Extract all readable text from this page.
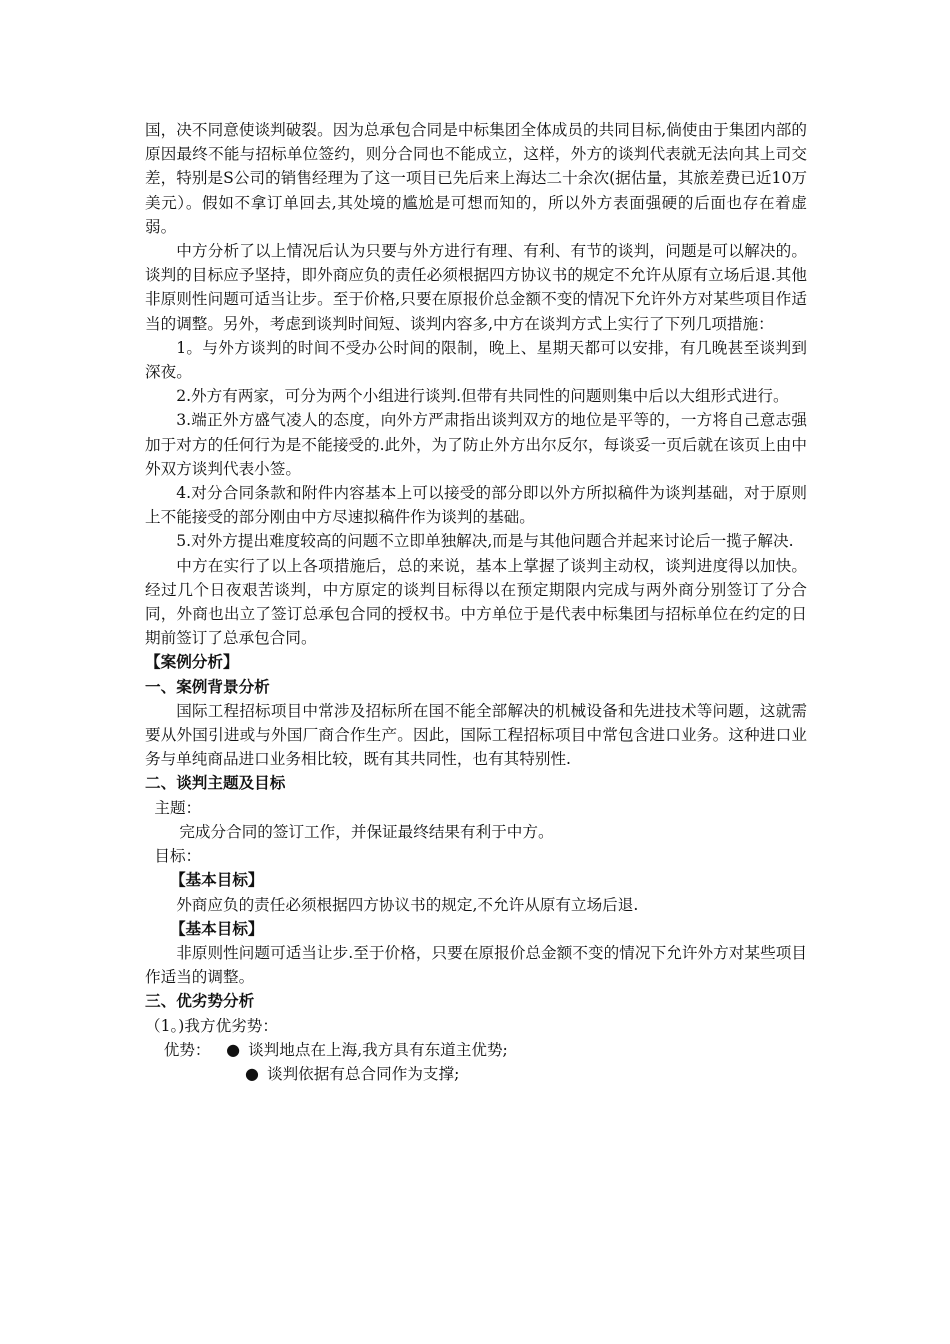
国，决不同意使谈判破裂。因为总承包合同是中标集团全体成员的共同目标,倘使由于集团内部的原因最终不能与招标单位签约，则分合同也不能成立，这样，外方的谈判代表就无法向其上司交差，特别是S公司的销售经理为了这一项目已先后来上海达二十余次(据估量，其旅差费已近10万美元）。假如不拿订单回去,其处境的尴尬是可想而知的，所以外方表面强硬的后面也存在着虚弱。

中方分析了以上情况后认为只要与外方进行有理、有利、有节的谈判，问题是可以解决的。谈判的目标应予坚持，即外商应负的责任必须根据四方协议书的规定不允许从原有立场后退.其他非原则性问题可适当让步。至于价格,只要在原报价总金额不变的情况下允许外方对某些项目作适当的调整。另外，考虑到谈判时间短、谈判内容多,中方在谈判方式上实行了下列几项措施：

1。与外方谈判的时间不受办公时间的限制，晚上、星期天都可以安排，有几晚甚至谈判到深夜。

2.外方有两家，可分为两个小组进行谈判.但带有共同性的问题则集中后以大组形式进行。

3.端正外方盛气凌人的态度，向外方严肃指出谈判双方的地位是平等的，一方将自己意志强加于对方的任何行为是不能接受的.此外，为了防止外方出尔反尔，每谈妥一页后就在该页上由中外双方谈判代表小签。

4.对分合同条款和附件内容基本上可以接受的部分即以外方所拟稿件为谈判基础，对于原则上不能接受的部分刚由中方尽速拟稿件作为谈判的基础。

5.对外方提出难度较高的问题不立即单独解决,而是与其他问题合并起来讨论后一揽子解决.

中方在实行了以上各项措施后，总的来说，基本上掌握了谈判主动权，谈判进度得以加快。经过几个日夜艰苦谈判，中方原定的谈判目标得以在预定期限内完成与两外商分别签订了分合同，外商也出立了签订总承包合同的授权书。中方单位于是代表中标集团与招标单位在约定的日期前签订了总承包合同。

【案例分析】

一、案例背景分析

国际工程招标项目中常涉及招标所在国不能全部解决的机械设备和先进技术等问题，这就需要从外国引进或与外国厂商合作生产。因此，国际工程招标项目中常包含进口业务。这种进口业务与单纯商品进口业务相比较，既有其共同性，也有其特别性.

二、谈判主题及目标

主题：

完成分合同的签订工作，并保证最终结果有利于中方。

目标：

【基本目标】

外商应负的责任必须根据四方协议书的规定,不允许从原有立场后退.

【基本目标】

非原则性问题可适当让步.至于价格，只要在原报价总金额不变的情况下允许外方对某些项目作适当的调整。

三、优劣势分析

（1。)我方优劣势：

优势： ● 谈判地点在上海,我方具有东道主优势;
● 谈判依据有总合同作为支撑;
